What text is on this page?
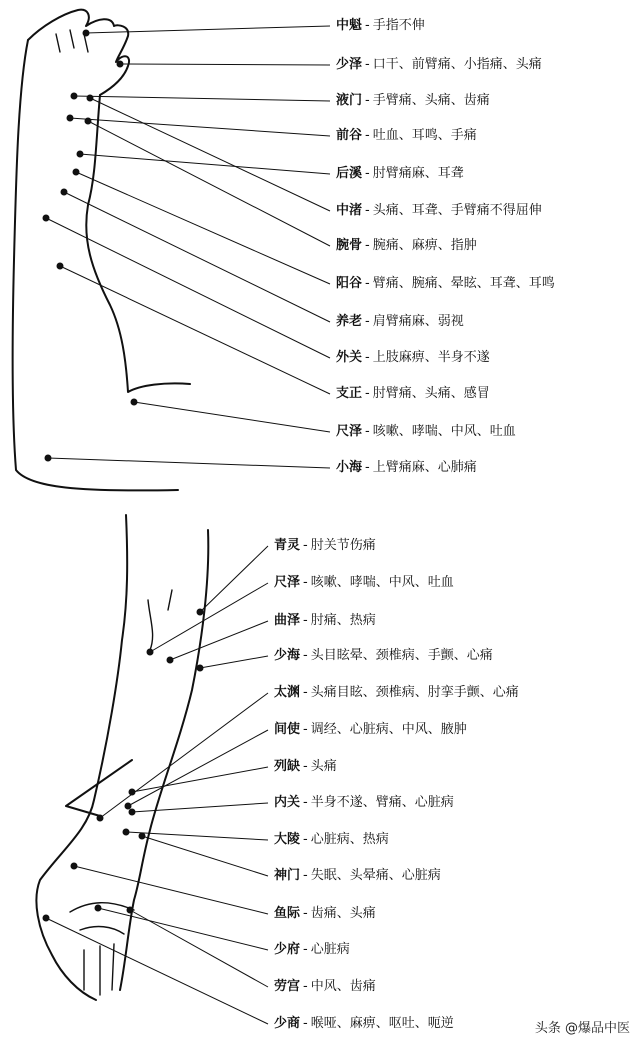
中魁 - 手指不伸
少泽 - 口干、前臂痛、小指痛、头痛
液门 - 手臂痛、头痛、齿痛
前谷 - 吐血、耳鸣、手痛
后溪 - 肘臂痛麻、耳聋
中渚 - 头痛、耳聋、手臂痛不得屈伸
腕骨 - 腕痛、麻痹、指肿
阳谷 - 臂痛、腕痛、晕眩、耳聋、耳鸣
养老 - 肩臂痛麻、弱视
外关 - 上肢麻痹、半身不遂
支正 - 肘臂痛、头痛、感冒
尺泽 - 咳嗽、哮喘、中风、吐血
小海 - 上臂痛麻、心肺痛
青灵 - 肘关节伤痛
尺泽 - 咳嗽、哮喘、中风、吐血
曲泽 - 肘痛、热病
少海 - 头目眩晕、颈椎病、手颤、心痛
太渊 - 头痛目眩、颈椎病、肘挛手颤、心痛
间使 - 调经、心脏病、中风、腋肿
列缺 - 头痛
内关 - 半身不遂、臂痛、心脏病
大陵 - 心脏病、热病
神门 - 失眠、头晕痛、心脏病
鱼际 - 齿痛、头痛
少府 - 心脏病
劳宫 - 中风、齿痛
少商 - 喉哑、麻痹、呕吐、呃逆	头条 @爆品中医
